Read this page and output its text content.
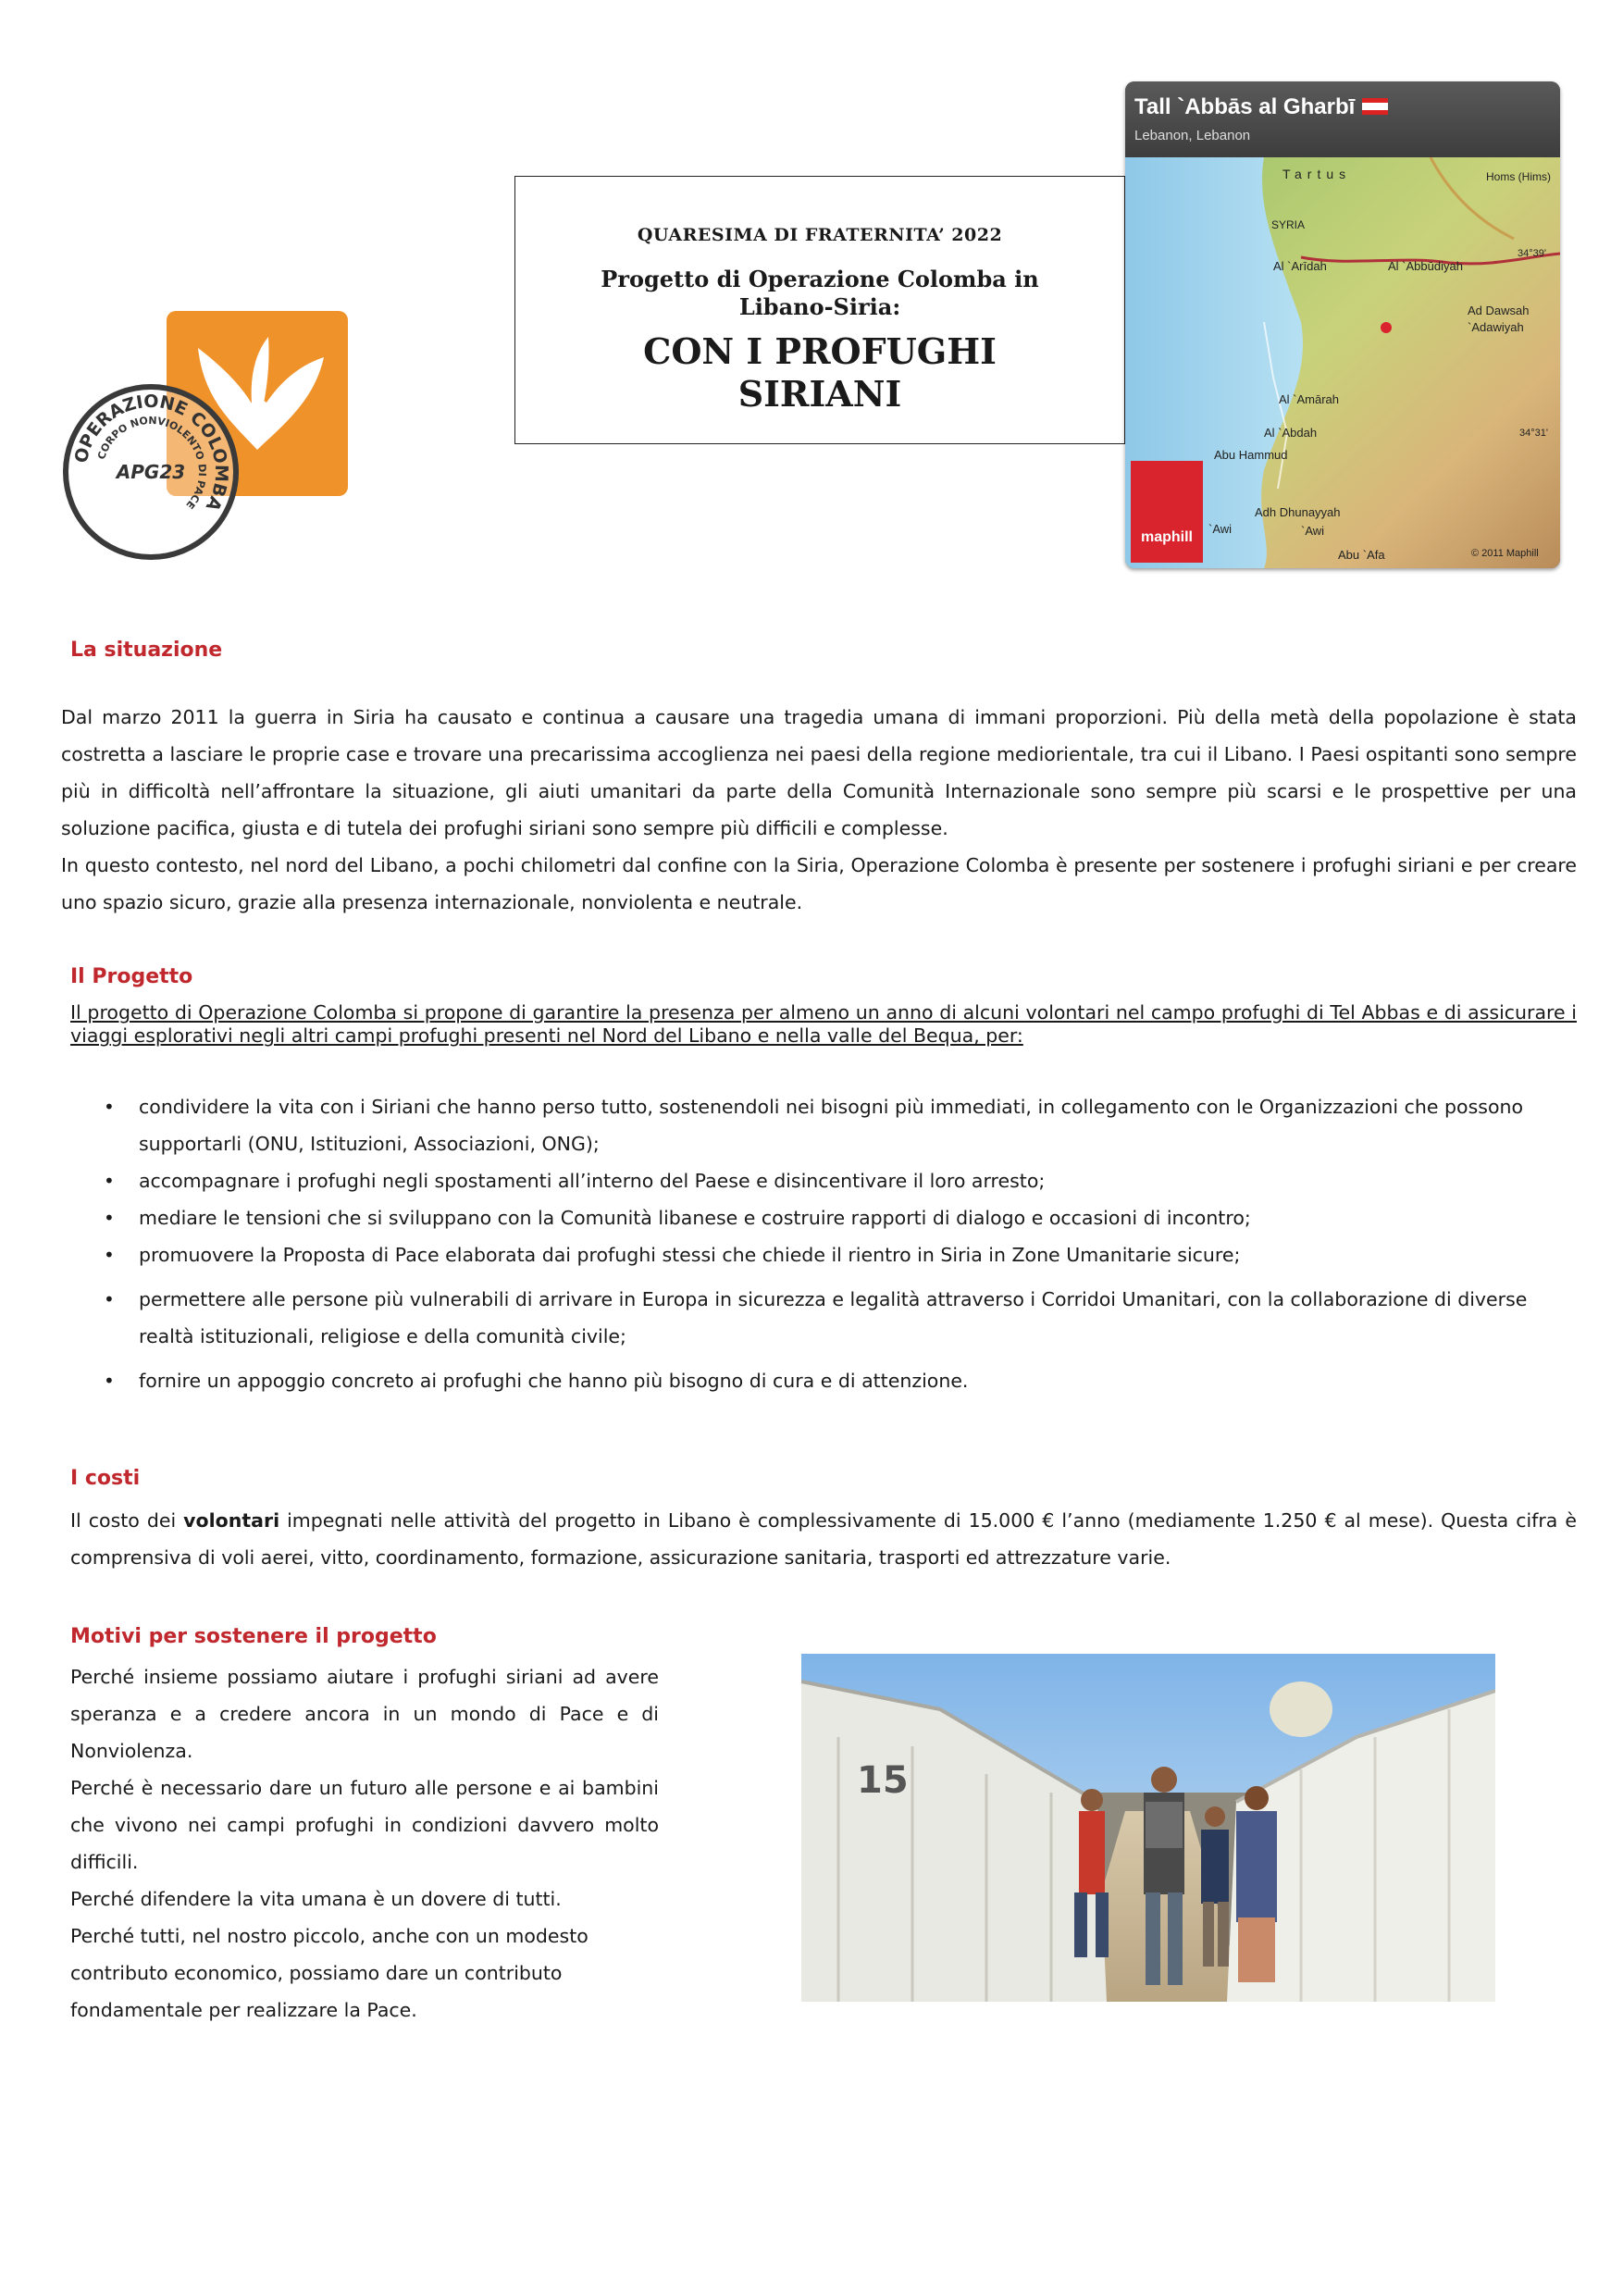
OPERAZIONE COLOMBA
CORPO NONVIOLENTO DI PACE
APG23
QUARESIMA DI FRATERNITA’ 2022
Progetto di Operazione Colomba in Libano-Siria:
CON I PROFUGHI SIRIANI
Tall `Abbās al Gharbī
Lebanon, Lebanon
Tartus
SYRIA
Homs (Hims)
Al `Arīdah	Al `Abbūdiyah
34°39'
Ad Dawsah
`Adawiyah
Al `Amārah
Al `Abdah	34°31'
Abu Hammud
Adh Dhunayyah
`Awi	`Awi
Abu `Afa	© 2011 Maphill
maphill
La situazione
Dal marzo 2011 la guerra in Siria ha causato e continua a causare una tragedia umana di immani proporzioni. Più della metà della popolazione è stata costretta a lasciare le proprie case e trovare una precarissima accoglienza nei paesi della regione mediorientale, tra cui il Libano. I Paesi ospitanti sono sempre più in difficoltà nell’affrontare la situazione, gli aiuti umanitari da parte della Comunità Internazionale sono sempre più scarsi e le prospettive per una soluzione pacifica, giusta e di tutela dei profughi siriani sono sempre più difficili e complesse.
In questo contesto, nel nord del Libano, a pochi chilometri dal confine con la Siria, Operazione Colomba è presente per sostenere i profughi siriani e per creare uno spazio sicuro, grazie alla presenza internazionale, nonviolenta e neutrale.
Il Progetto
Il progetto di Operazione Colomba si propone di garantire la presenza per almeno un anno di alcuni volontari nel campo profughi di Tel Abbas e di assicurare i viaggi esplorativi negli altri campi profughi presenti nel Nord del Libano e nella valle del Bequa, per:
• condividere la vita con i Siriani che hanno perso tutto, sostenendoli nei bisogni più immediati, in collegamento con le Organizzazioni che possono supportarli (ONU, Istituzioni, Associazioni, ONG);
• accompagnare i profughi negli spostamenti all’interno del Paese e disincentivare il loro arresto;
• mediare le tensioni che si sviluppano con la Comunità libanese e costruire rapporti di dialogo e occasioni di incontro;
• promuovere la Proposta di Pace elaborata dai profughi stessi che chiede il rientro in Siria in Zone Umanitarie sicure;
• permettere alle persone più vulnerabili di arrivare in Europa in sicurezza e legalità attraverso i Corridoi Umanitari, con la collaborazione di diverse realtà istituzionali, religiose e della comunità civile;
• fornire un appoggio concreto ai profughi che hanno più bisogno di cura e di attenzione.
I costi
Il costo dei volontari impegnati nelle attività del progetto in Libano è complessivamente di 15.000 € l’anno (mediamente 1.250 € al mese). Questa cifra è comprensiva di voli aerei, vitto, coordinamento, formazione, assicurazione sanitaria, trasporti ed attrezzature varie.
Motivi per sostenere il progetto
Perché insieme possiamo aiutare i profughi siriani ad avere speranza e a credere ancora in un mondo di Pace e di Nonviolenza.
Perché è necessario dare un futuro alle persone e ai bambini che vivono nei campi profughi in condizioni davvero molto difficili.
Perché difendere la vita umana è un dovere di tutti.
Perché tutti, nel nostro piccolo, anche con un modesto contributo economico, possiamo dare un contributo fondamentale per realizzare la Pace.
15
